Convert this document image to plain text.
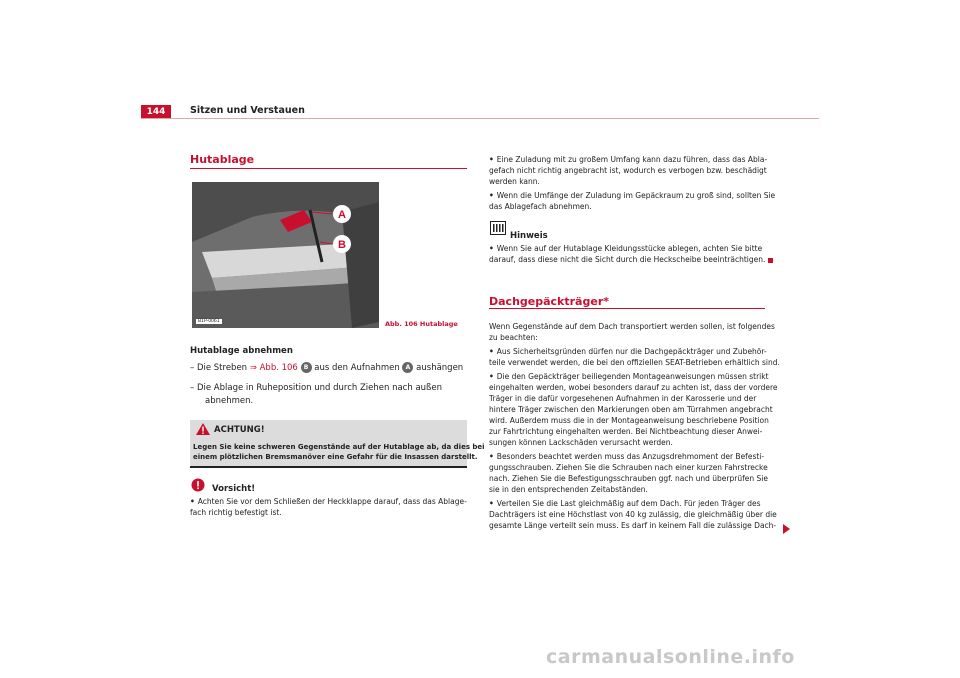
144	Sitzen und Verstauen
Hutablage
A
B
B1P-0061	Abb. 106 Hutablage
Hutablage abnehmen
– Die Streben ⇒ Abb. 106 B aus den Aufnahmen A aushängen
– Die Ablage in Ruheposition und durch Ziehen nach außen
abnehmen.
ACHTUNG!

Legen Sie keine schweren Gegenstände auf der Hutablage ab, da dies bei

einem plötzlichen Bremsmanöver eine Gefahr für die Insassen darstellt.

Vorsicht!

• Achten Sie vor dem Schließen der Heckklappe darauf, dass das Ablage-

fach richtig befestigt ist.

• Eine Zuladung mit zu großem Umfang kann dazu führen, dass das Abla-

gefach nicht richtig angebracht ist, wodurch es verbogen bzw. beschädigt

werden kann.

• Wenn die Umfänge der Zuladung im Gepäckraum zu groß sind, sollten Sie

das Ablagefach abnehmen.

Hinweis

• Wenn Sie auf der Hutablage Kleidungsstücke ablegen, achten Sie bitte

darauf, dass diese nicht die Sicht durch die Heckscheibe beeinträchtigen.

Dachgepäckträger*

Wenn Gegenstände auf dem Dach transportiert werden sollen, ist folgendes

zu beachten:

• Aus Sicherheitsgründen dürfen nur die Dachgepäckträger und Zubehör-

teile verwendet werden, die bei den offiziellen SEAT-Betrieben erhältlich sind.

• Die den Gepäckträger beiliegenden Montageanweisungen müssen strikt

eingehalten werden, wobei besonders darauf zu achten ist, dass der vordere

Träger in die dafür vorgesehenen Aufnahmen in der Karosserie und der

hintere Träger zwischen den Markierungen oben am Türrahmen angebracht

wird. Außerdem muss die in der Montageanweisung beschriebene Position

zur Fahrtrichtung eingehalten werden. Bei Nichtbeachtung dieser Anwei-

sungen können Lackschäden verursacht werden.

• Besonders beachtet werden muss das Anzugsdrehmoment der Befesti-

gungsschrauben. Ziehen Sie die Schrauben nach einer kurzen Fahrstrecke

nach. Ziehen Sie die Befestigungsschrauben ggf. nach und überprüfen Sie

sie in den entsprechenden Zeitabständen.

• Verteilen Sie die Last gleichmäßig auf dem Dach. Für jeden Träger des

Dachträgers ist eine Höchstlast von 40 kg zulässig, die gleichmäßig über die

gesamte Länge verteilt sein muss. Es darf in keinem Fall die zulässige Dach-

carmanualsonline.info
